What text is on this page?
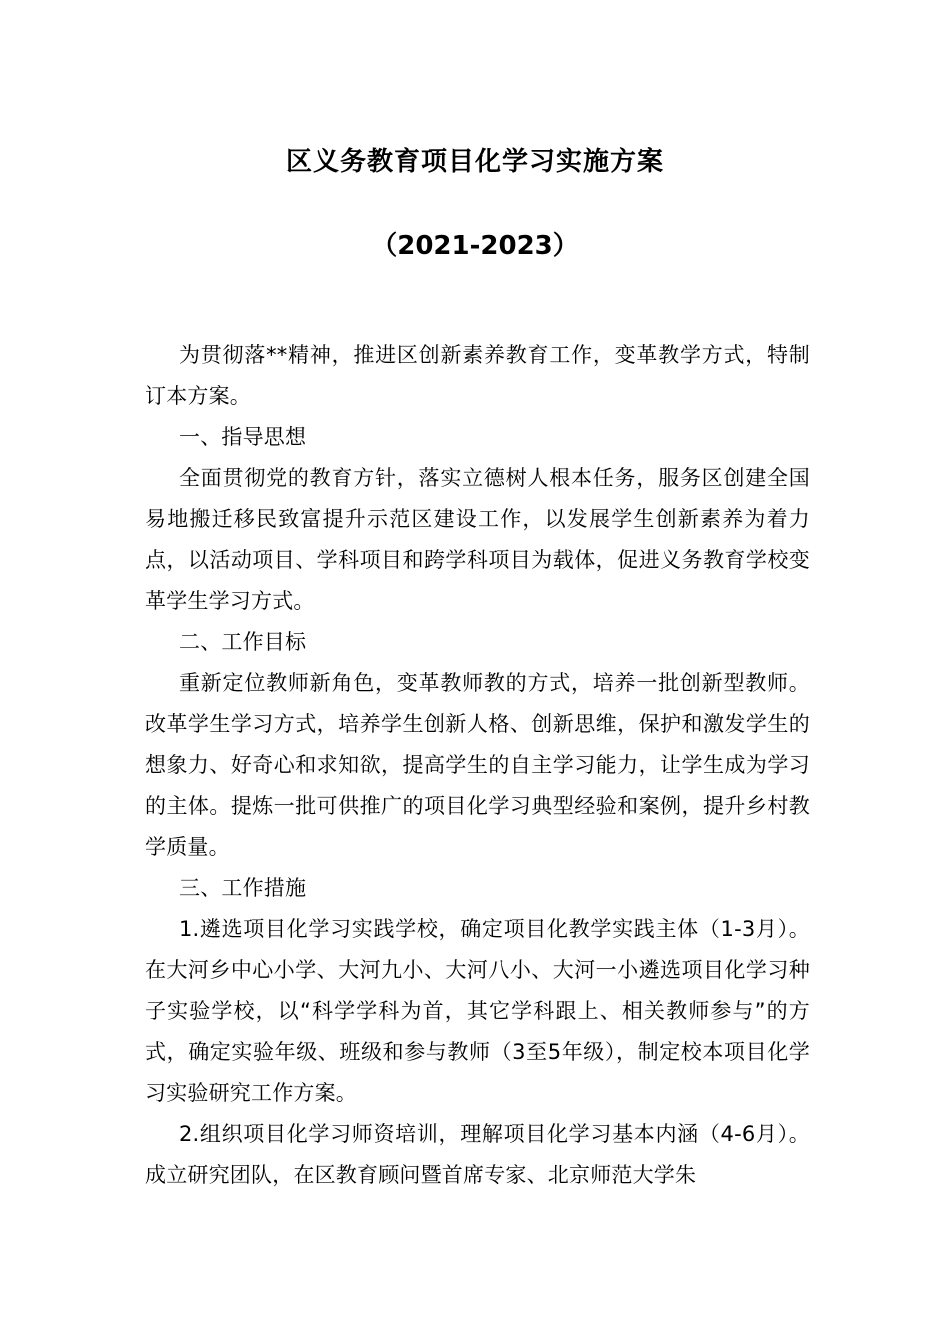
区义务教育项目化学习实施方案
（2021-2023）

为贯彻落**精神，推进区创新素养教育工作，变革教学方式，特制订本方案。

一、指导思想

全面贯彻党的教育方针，落实立德树人根本任务，服务区创建全国易地搬迁移民致富提升示范区建设工作，以发展学生创新素养为着力点，以活动项目、学科项目和跨学科项目为载体，促进义务教育学校变革学生学习方式。

二、工作目标

重新定位教师新角色，变革教师教的方式，培养一批创新型教师。改革学生学习方式，培养学生创新人格、创新思维，保护和激发学生的想象力、好奇心和求知欲，提高学生的自主学习能力，让学生成为学习的主体。提炼一批可供推广的项目化学习典型经验和案例，提升乡村教学质量。

三、工作措施

1.遴选项目化学习实践学校，确定项目化教学实践主体（1-3月）。在大河乡中心小学、大河九小、大河八小、大河一小遴选项目化学习种子实验学校，以“科学学科为首，其它学科跟上、相关教师参与”的方式，确定实验年级、班级和参与教师（3至5年级），制定校本项目化学习实验研究工作方案。

2.组织项目化学习师资培训，理解项目化学习基本内涵（4-6月）。成立研究团队，在区教育顾问暨首席专家、北京师范大学朱
